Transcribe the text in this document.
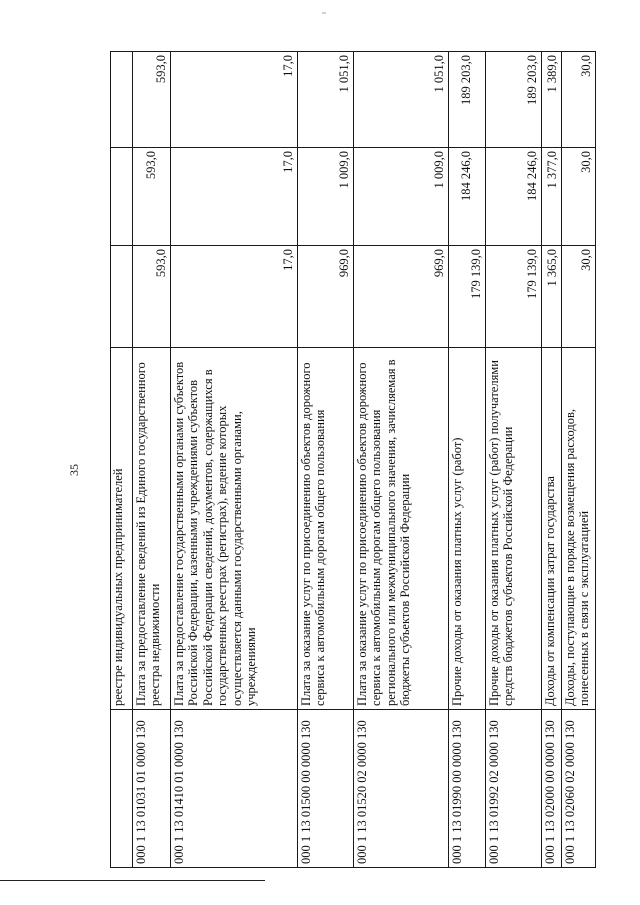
35
	реестре индивидуальных предпринимателей			
000 1 13 01031 01 0000 130	Плата за предоставление сведений из Единого государственного реестра недвижимости	593,0	593,0	593,0
000 1 13 01410 01 0000 130	Плата за предоставление государственными органами субъектов Российской Федерации, казенными учреждениями субъектов Российской Федерации сведений, документов, содержащихся в государственных реестрах (регистрах), ведение которых осуществляется данными государственными органами, учреждениями	17,0	17,0	17,0
000 1 13 01500 00 0000 130	Плата за оказание услуг по присоединению объектов дорожного сервиса к автомобильным дорогам общего пользования	969,0	1 009,0	1 051,0
000 1 13 01520 02 0000 130	Плата за оказание услуг по присоединению объектов дорожного сервиса к автомобильным дорогам общего пользования регионального или межмуниципального значения, зачисляемая в бюджеты субъектов Российской Федерации	969,0	1 009,0	1 051,0
000 1 13 01990 00 0000 130	Прочие доходы от оказания платных услуг (работ)	179 139,0	184 246,0	189 203,0
000 1 13 01992 02 0000 130	Прочие доходы от оказания платных услуг (работ) получателями средств бюджетов субъектов Российской Федерации	179 139,0	184 246,0	189 203,0
000 1 13 02000 00 0000 130	Доходы от компенсации затрат государства	1 365,0	1 377,0	1 389,0
000 1 13 02060 02 0000 130	Доходы, поступающие в порядке возмещения расходов, понесенных в связи с эксплуатацией	30,0	30,0	30,0
